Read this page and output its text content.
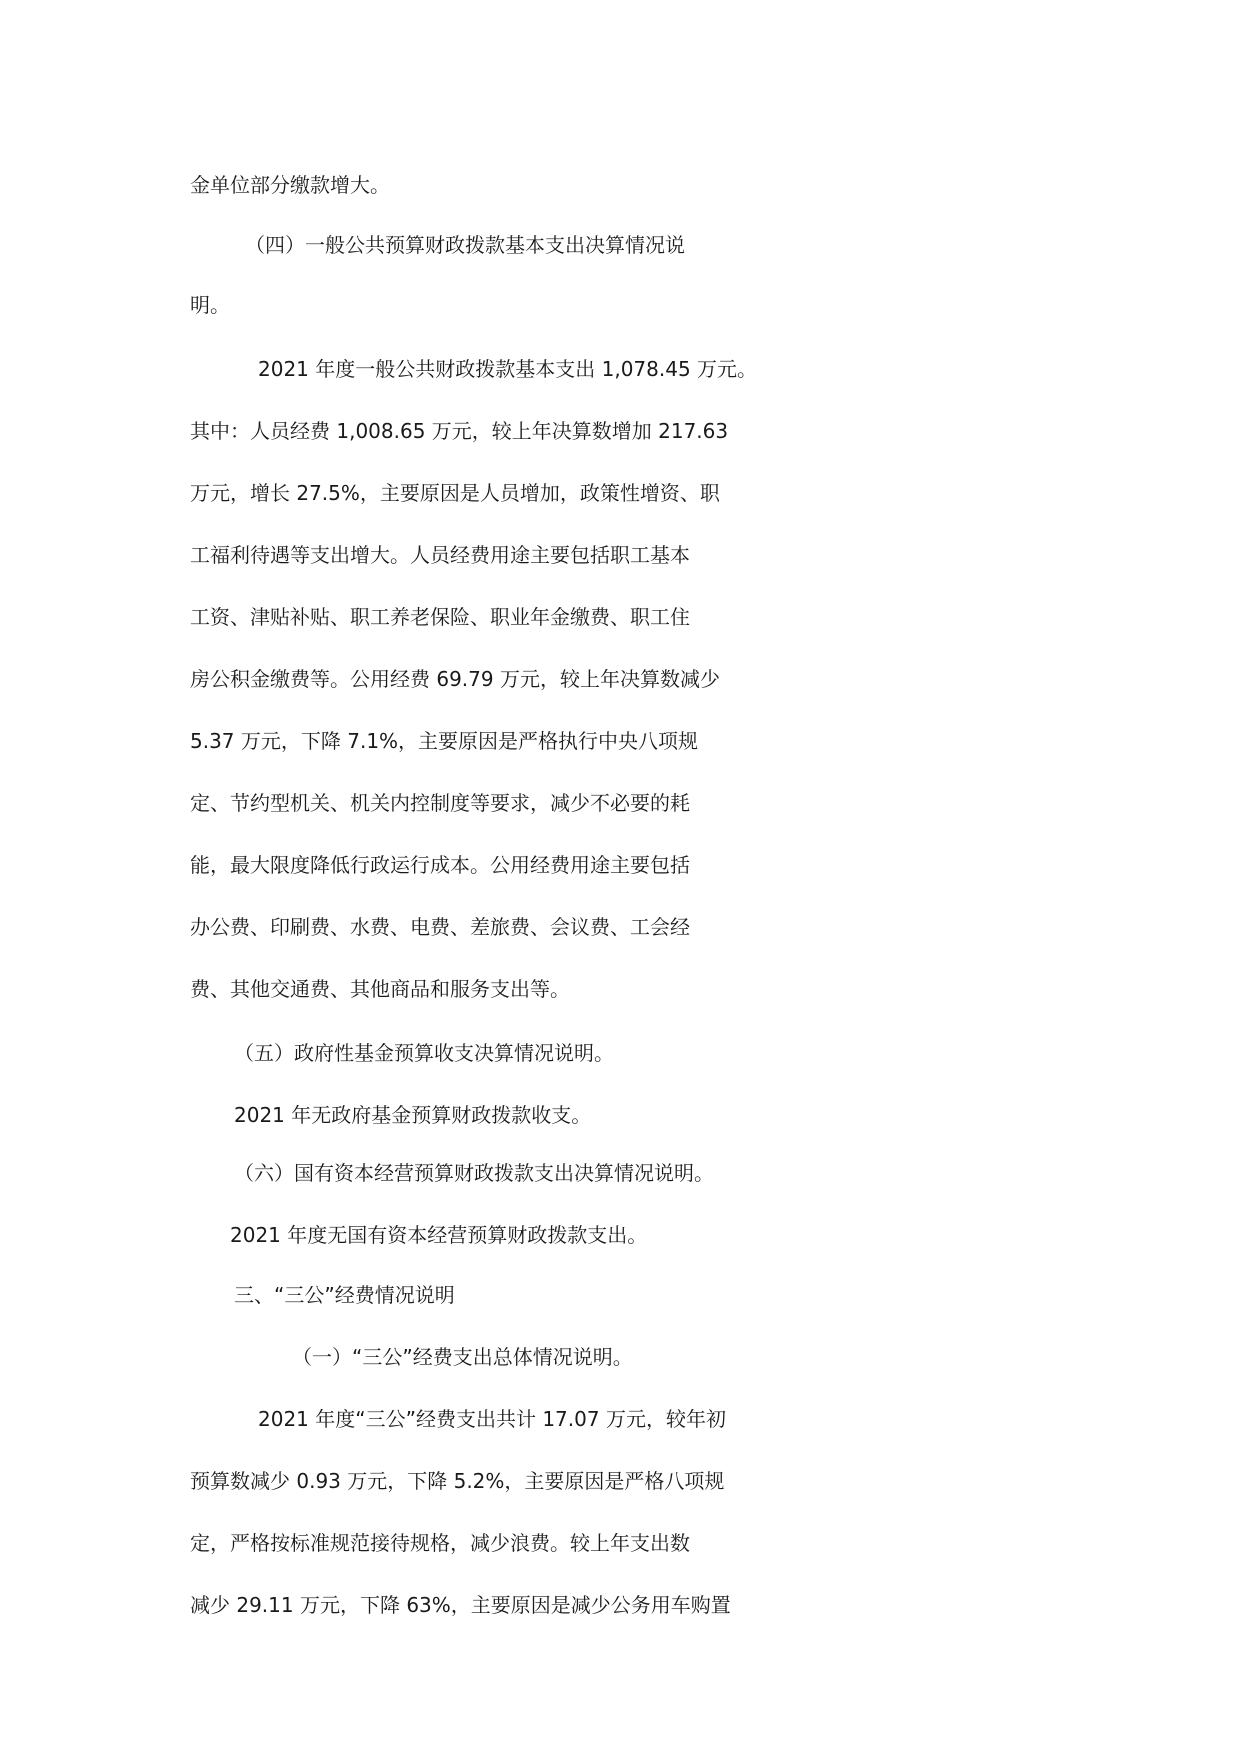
金单位部分缴款增大。
（四）一般公共预算财政拨款基本支出决算情况说
明。
2021 年度一般公共财政拨款基本支出 1,078.45 万元。
其中：人员经费 1,008.65 万元，较上年决算数增加 217.63
万元，增长 27.5%，主要原因是人员增加，政策性增资、职
工福利待遇等支出增大。人员经费用途主要包括职工基本
工资、津贴补贴、职工养老保险、职业年金缴费、职工住
房公积金缴费等。公用经费 69.79 万元，较上年决算数减少
5.37 万元，下降 7.1%，主要原因是严格执行中央八项规
定、节约型机关、机关内控制度等要求，减少不必要的耗
能，最大限度降低行政运行成本。公用经费用途主要包括
办公费、印刷费、水费、电费、差旅费、会议费、工会经
费、其他交通费、其他商品和服务支出等。
（五）政府性基金预算收支决算情况说明。
2021 年无政府基金预算财政拨款收支。
（六）国有资本经营预算财政拨款支出决算情况说明。
2021 年度无国有资本经营预算财政拨款支出。
三、“三公”经费情况说明
（一）“三公”经费支出总体情况说明。
2021 年度“三公”经费支出共计 17.07 万元，较年初
预算数减少 0.93 万元，下降 5.2%，主要原因是严格八项规
定，严格按标准规范接待规格，减少浪费。较上年支出数
减少 29.11 万元，下降 63%，主要原因是减少公务用车购置
